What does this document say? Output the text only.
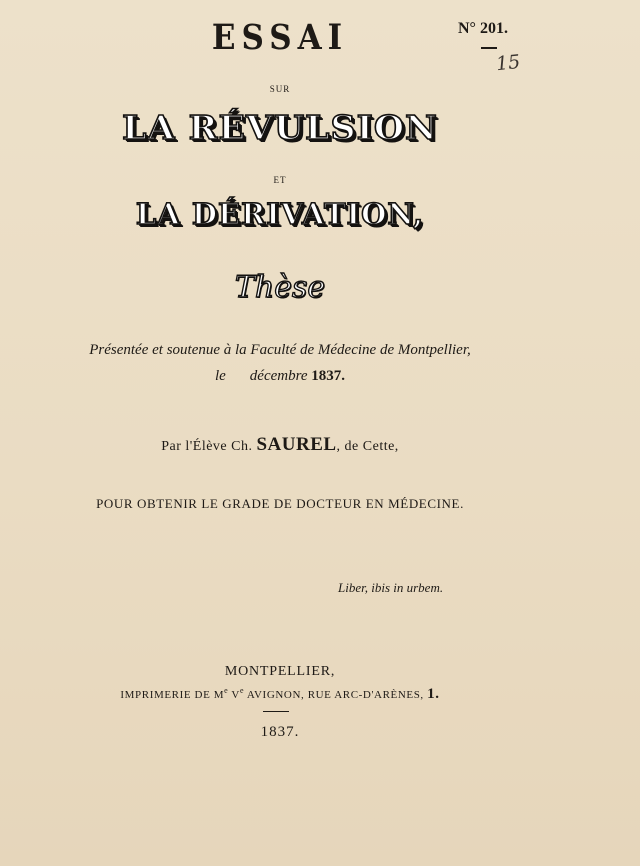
ESSAI	N° 201.
15
SUR
LA RÉVULSION
ET
LA DÉRIVATION,
Thèse
Présentée et soutenue à la Faculté de Médecine de Montpellier,
le décembre 1837.
Par l'Élève Ch. SAUREL, de Cette,
POUR OBTENIR LE GRADE DE DOCTEUR EN MÉDECINE.
Liber, ibis in urbem.
MONTPELLIER,
IMPRIMERIE DE Me Ve AVIGNON, RUE ARC-D'ARÈNES, 1.
1837.
